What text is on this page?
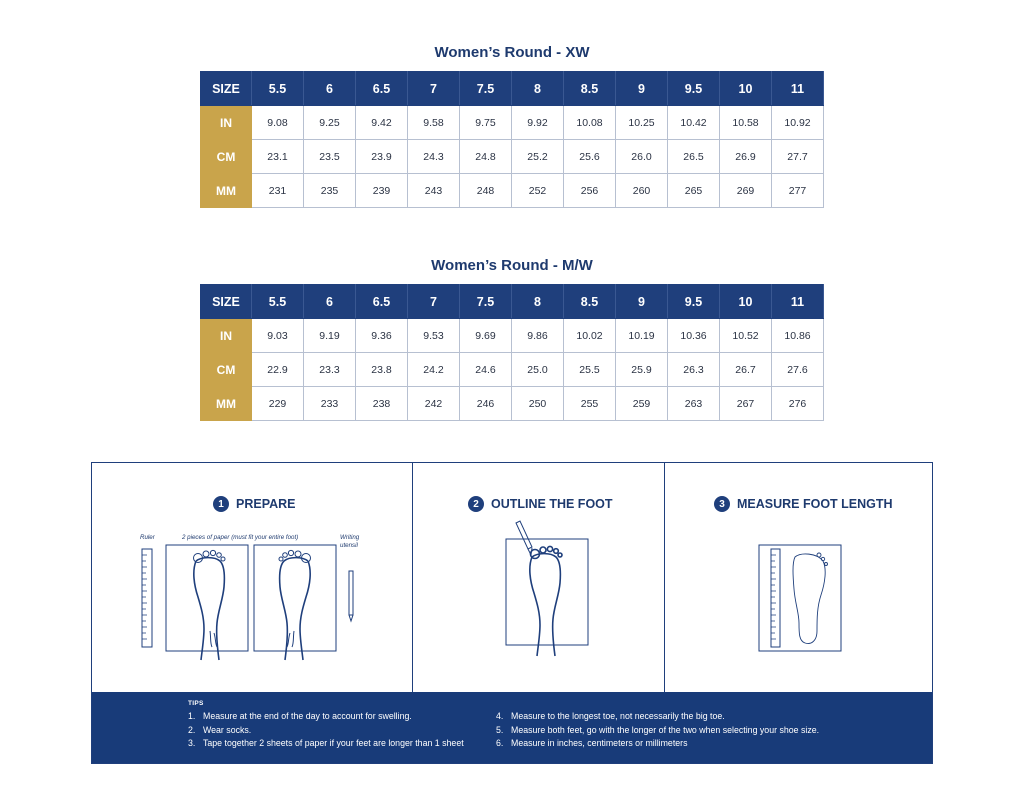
Women’s Round - XW
SIZE	5.5	6	6.5	7	7.5	8	8.5	9	9.5	10	11
IN	9.08	9.25	9.42	9.58	9.75	9.92	10.08	10.25	10.42	10.58	10.92
CM	23.1	23.5	23.9	24.3	24.8	25.2	25.6	26.0	26.5	26.9	27.7
MM	231	235	239	243	248	252	256	260	265	269	277
Women’s Round - M/W
SIZE	5.5	6	6.5	7	7.5	8	8.5	9	9.5	10	11
IN	9.03	9.19	9.36	9.53	9.69	9.86	10.02	10.19	10.36	10.52	10.86
CM	22.9	23.3	23.8	24.2	24.6	25.0	25.5	25.9	26.3	26.7	27.6
MM	229	233	238	242	246	250	255	259	263	267	276
1 PREPARE
Ruler	2 pieces of paper (must fit your entire foot)	Writing
utensil
2 OUTLINE THE FOOT	3 MEASURE FOOT LENGTH
TIPS
1. Measure at the end of the day to account for swelling.
2. Wear socks.
3. Tape together 2 sheets of paper if your feet are longer than 1 sheet
4. Measure to the longest toe, not necessarily the big toe.
5. Measure both feet, go with the longer of the two when selecting your shoe size.
6. Measure in inches, centimeters or millimeters
